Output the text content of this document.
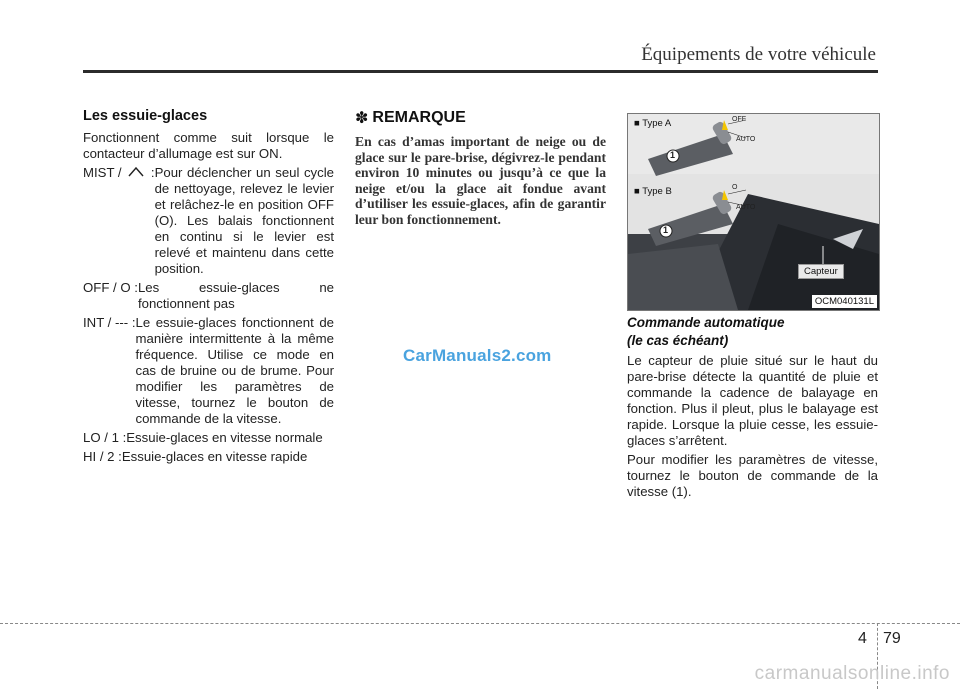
Équipements de votre véhicule
Les essuie-glaces

Fonctionnent comme suit lorsque le contacteur d’allumage est sur ON.

MIST /  : Pour déclencher un seul cycle de nettoyage, relevez le levier et relâchez-le en position OFF (O). Les balais fonctionnent en continu si le levier est relevé et maintenu dans cette position.
OFF / O : Les essuie-glaces ne fonctionnent pas
INT / --- : Le essuie-glaces fonctionnent de manière intermittente à la même fréquence. Utilise ce mode en cas de bruine ou de brume. Pour modifier les paramètres de vitesse, tournez le bouton de commande de la vitesse.
LO / 1 : Essuie-glaces en vitesse normale
HI / 2 : Essuie-glaces en vitesse rapide
✽ REMARQUE

En cas d’amas important de neige ou de glace sur le pare-brise, dégivrez-le pendant environ 10 minutes ou jusqu’à ce que la neige et/ou la glace ait fondue avant d’utiliser les essuie-glaces, afin de garantir leur bon fonctionnement.

CarManuals2.com
■ Type A
■ Type B
OFF
AUTO
O
AUTO
1
1
Capteur
OCM040131L

Commande automatique

(le cas échéant)

Le capteur de pluie situé sur le haut du pare-brise détecte la quantité de pluie et commande la cadence de balayage en fonction. Plus il pleut, plus le balayage est rapide. Lorsque la pluie cesse, les essuie-glaces s’arrêtent.

Pour modifier les paramètres de vitesse, tournez le bouton de commande de la vitesse (1).

4 79
carmanualsonline.info
